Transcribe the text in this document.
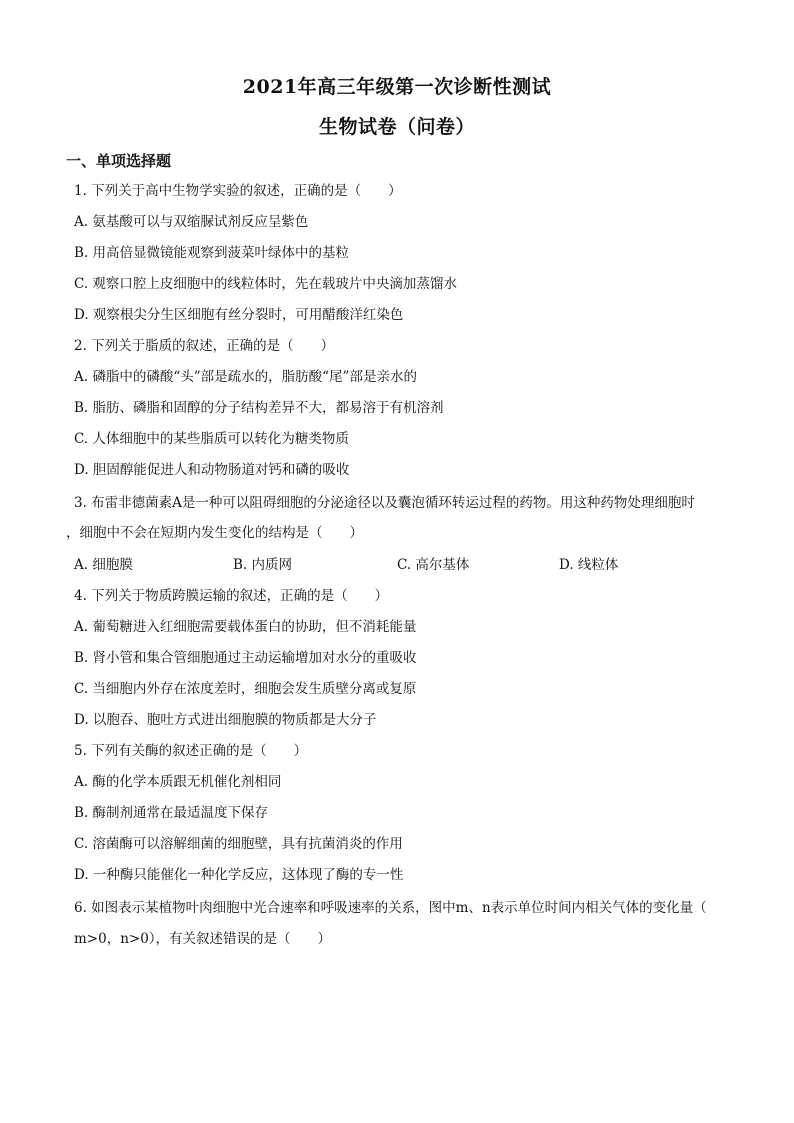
2021年高三年级第一次诊断性测试
生物试卷（问卷）
一、单项选择题
1. 下列关于高中生物学实验的叙述，正确的是（　　）
A. 氨基酸可以与双缩脲试剂反应呈紫色
B. 用高倍显微镜能观察到菠菜叶绿体中的基粒
C. 观察口腔上皮细胞中的线粒体时，先在载玻片中央滴加蒸馏水
D. 观察根尖分生区细胞有丝分裂时，可用醋酸洋红染色
2. 下列关于脂质的叙述，正确的是（　　）
A. 磷脂中的磷酸“头”部是疏水的，脂肪酸“尾”部是亲水的
B. 脂肪、磷脂和固醇的分子结构差异不大，都易溶于有机溶剂
C. 人体细胞中的某些脂质可以转化为糖类物质
D. 胆固醇能促进人和动物肠道对钙和磷的吸收
3. 布雷非德菌素A是一种可以阻碍细胞的分泌途径以及囊泡循环转运过程的药物。用这种药物处理细胞时
，细胞中不会在短期内发生变化的结构是（　　）
A. 细胞膜	B. 内质网	C. 高尔基体	D. 线粒体
4. 下列关于物质跨膜运输的叙述，正确的是（　　）
A. 葡萄糖进入红细胞需要载体蛋白的协助，但不消耗能量
B. 肾小管和集合管细胞通过主动运输增加对水分的重吸收
C. 当细胞内外存在浓度差时，细胞会发生质壁分离或复原
D. 以胞吞、胞吐方式进出细胞膜的物质都是大分子
5. 下列有关酶的叙述正确的是（　　）
A. 酶的化学本质跟无机催化剂相同
B. 酶制剂通常在最适温度下保存
C. 溶菌酶可以溶解细菌的细胞壁，具有抗菌消炎的作用
D. 一种酶只能催化一种化学反应，这体现了酶的专一性
6. 如图表示某植物叶肉细胞中光合速率和呼吸速率的关系，图中m、n表示单位时间内相关气体的变化量（
m>0，n>0），有关叙述错误的是（　　）
